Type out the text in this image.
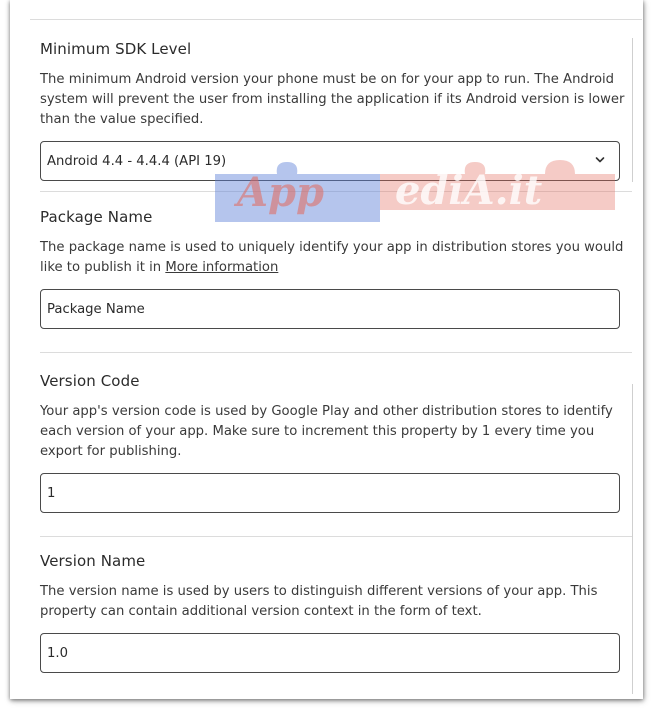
Minimum SDK Level
The minimum Android version your phone must be on for your app to run. The Android system will prevent the user from installing the application if its Android version is lower than the value specified.
Android 4.4 - 4.4.4 (API 19)
Package Name
The package name is used to uniquely identify your app in distribution stores you would like to publish it in More information
Package Name
Version Code
Your app's version code is used by Google Play and other distribution stores to identify each version of your app. Make sure to increment this property by 1 every time you export for publishing.
1
Version Name
The version name is used by users to distinguish different versions of your app. This property can contain additional version context in the form of text.
1.0
App ediA.it
